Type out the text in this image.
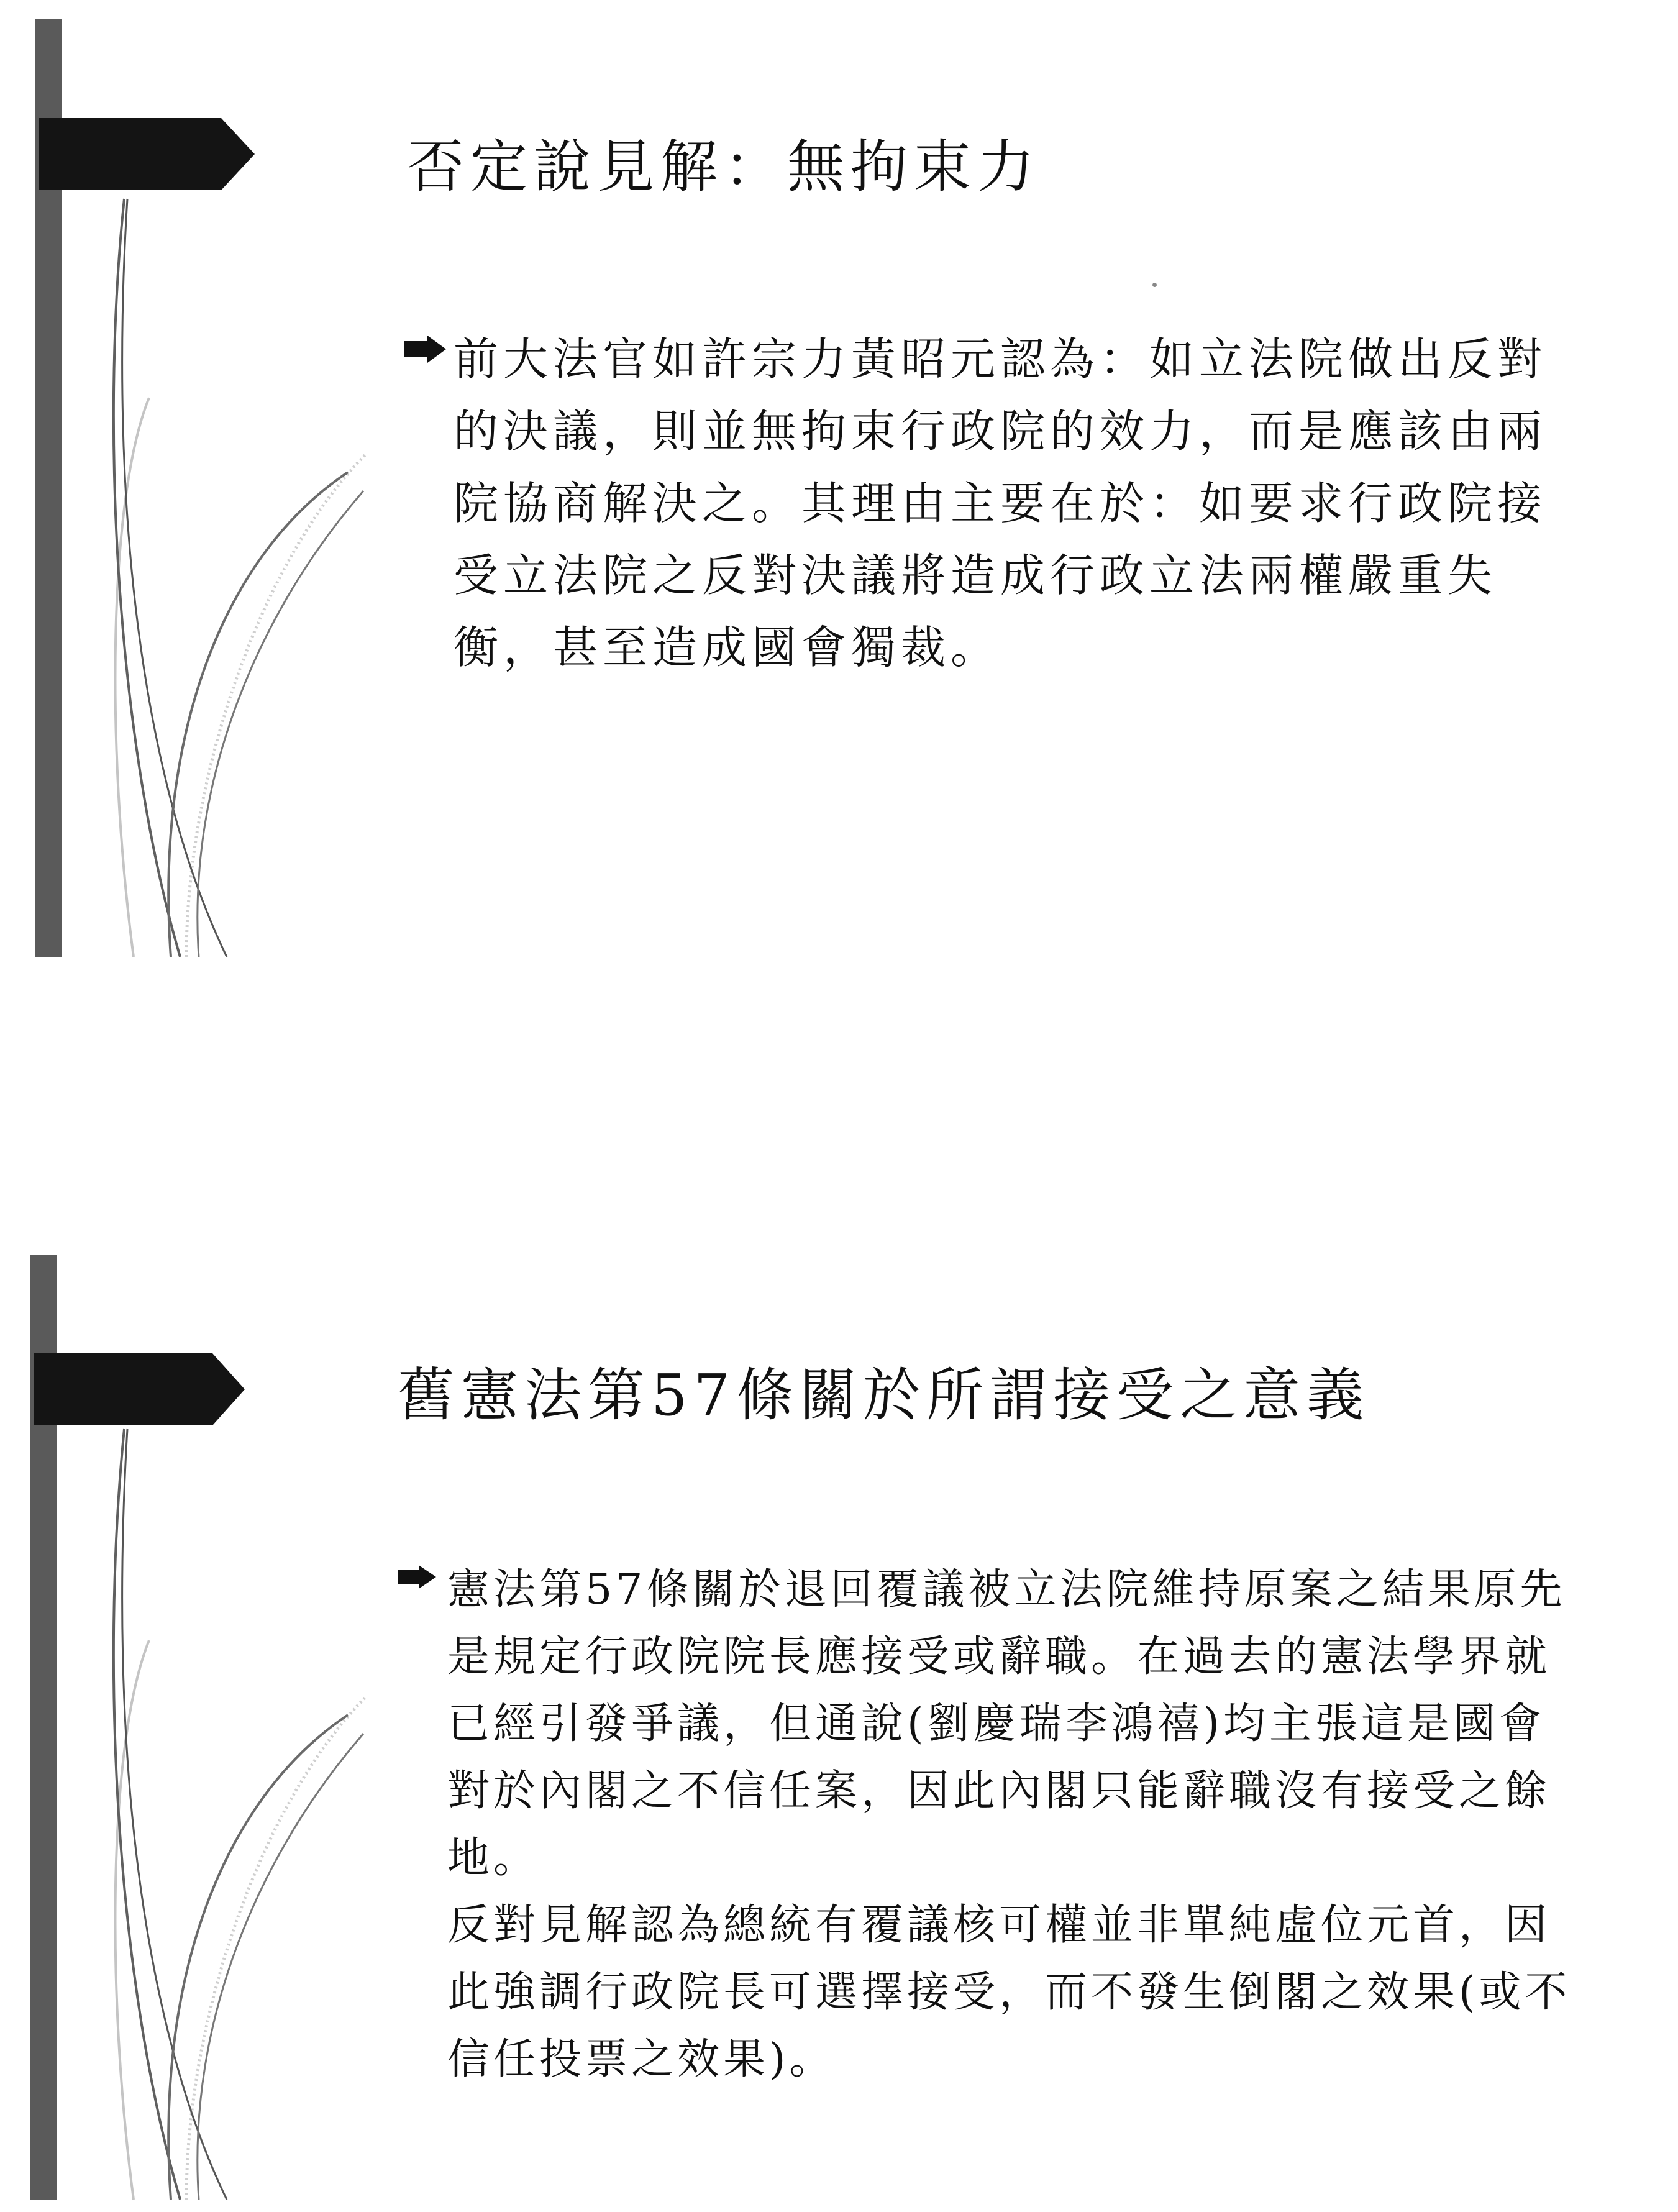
否定說見解：無拘束力

前大法官如許宗力黃昭元認為：如立法院做出反對的決議，則並無拘束行政院的效力，而是應該由兩院協商解決之。其理由主要在於：如要求行政院接受立法院之反對決議將造成行政立法兩權嚴重失衡，甚至造成國會獨裁。

舊憲法第57條關於所謂接受之意義

憲法第57條關於退回覆議被立法院維持原案之結果原先是規定行政院院長應接受或辭職。在過去的憲法學界就已經引發爭議，但通說(劉慶瑞李鴻禧)均主張這是國會對於內閣之不信任案，因此內閣只能辭職沒有接受之餘地。
反對見解認為總統有覆議核可權並非單純虛位元首，因此強調行政院長可選擇接受，而不發生倒閣之效果(或不信任投票之效果)。
